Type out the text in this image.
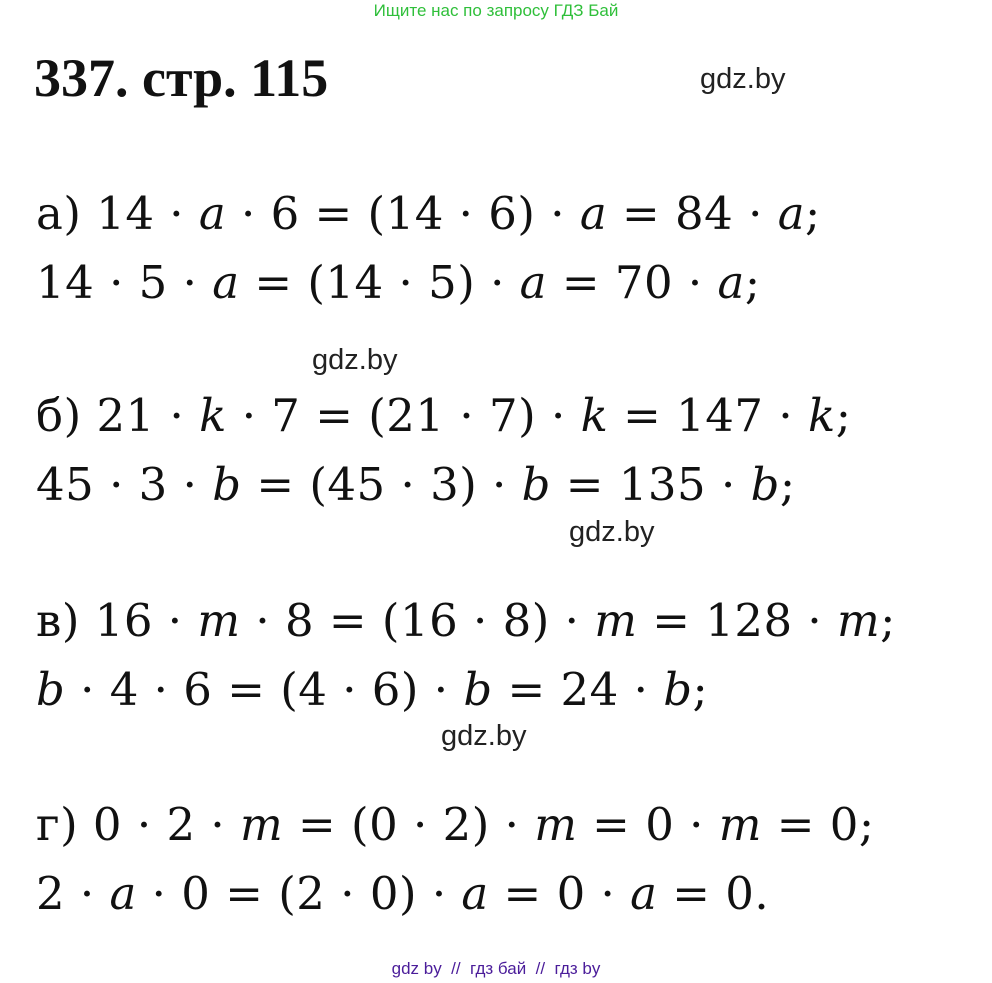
Ищите нас по запросу ГДЗ Бай
337. стр. 115	gdz.by
gdz.by
gdz.by
gdz.by
а) 14 · 𝑎 · 6 = (14 · 6) · 𝑎 = 84 · 𝑎;
14 · 5 · 𝑎 = (14 · 5) · 𝑎 = 70 · 𝑎;
б) 21 · 𝑘 · 7 = (21 · 7) · 𝑘 = 147 · 𝑘;
45 · 3 · 𝑏 = (45 · 3) · 𝑏 = 135 · 𝑏;
в) 16 · 𝑚 · 8 = (16 · 8) · 𝑚 = 128 · 𝑚;
𝑏 · 4 · 6 = (4 · 6) · 𝑏 = 24 · 𝑏;
г) 0 · 2 · 𝑚 = (0 · 2) · 𝑚 = 0 · 𝑚 = 0;
2 · 𝑎 · 0 = (2 · 0) · 𝑎 = 0 · 𝑎 = 0.
gdz by  //  гдз бай  //  гдз by
